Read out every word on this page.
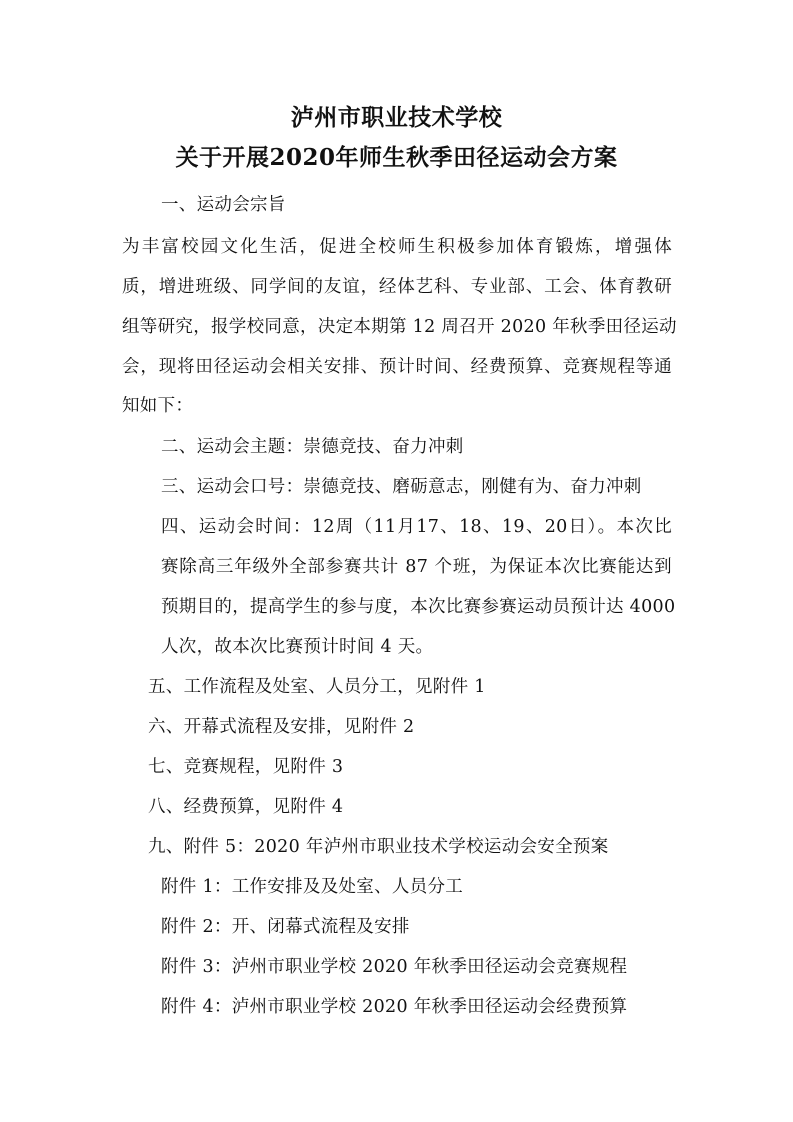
泸州市职业技术学校
关于开展2020年师生秋季田径运动会方案
一、运动会宗旨
为丰富校园文化生活，促进全校师生积极参加体育锻炼，增强体
质，增进班级、同学间的友谊，经体艺科、专业部、工会、体育教研
组等研究，报学校同意，决定本期第 12 周召开 2020 年秋季田径运动
会，现将田径运动会相关安排、预计时间、经费预算、竞赛规程等通
知如下：
二、运动会主题：崇德竞技、奋力冲刺
三、运动会口号：崇德竞技、磨砺意志，刚健有为、奋力冲刺
四、运动会时间：12周（11月17、18、19、20日）。本次比
赛除高三年级外全部参赛共计 87 个班，为保证本次比赛能达到
预期目的，提高学生的参与度，本次比赛参赛运动员预计达 4000
人次，故本次比赛预计时间 4 天。
五、工作流程及处室、人员分工，见附件 1
六、开幕式流程及安排，见附件 2
七、竞赛规程，见附件 3
八、经费预算，见附件 4
九、附件 5：2020 年泸州市职业技术学校运动会安全预案
附件 1：工作安排及及处室、人员分工
附件 2：开、闭幕式流程及安排
附件 3：泸州市职业学校 2020 年秋季田径运动会竞赛规程
附件 4：泸州市职业学校 2020 年秋季田径运动会经费预算
